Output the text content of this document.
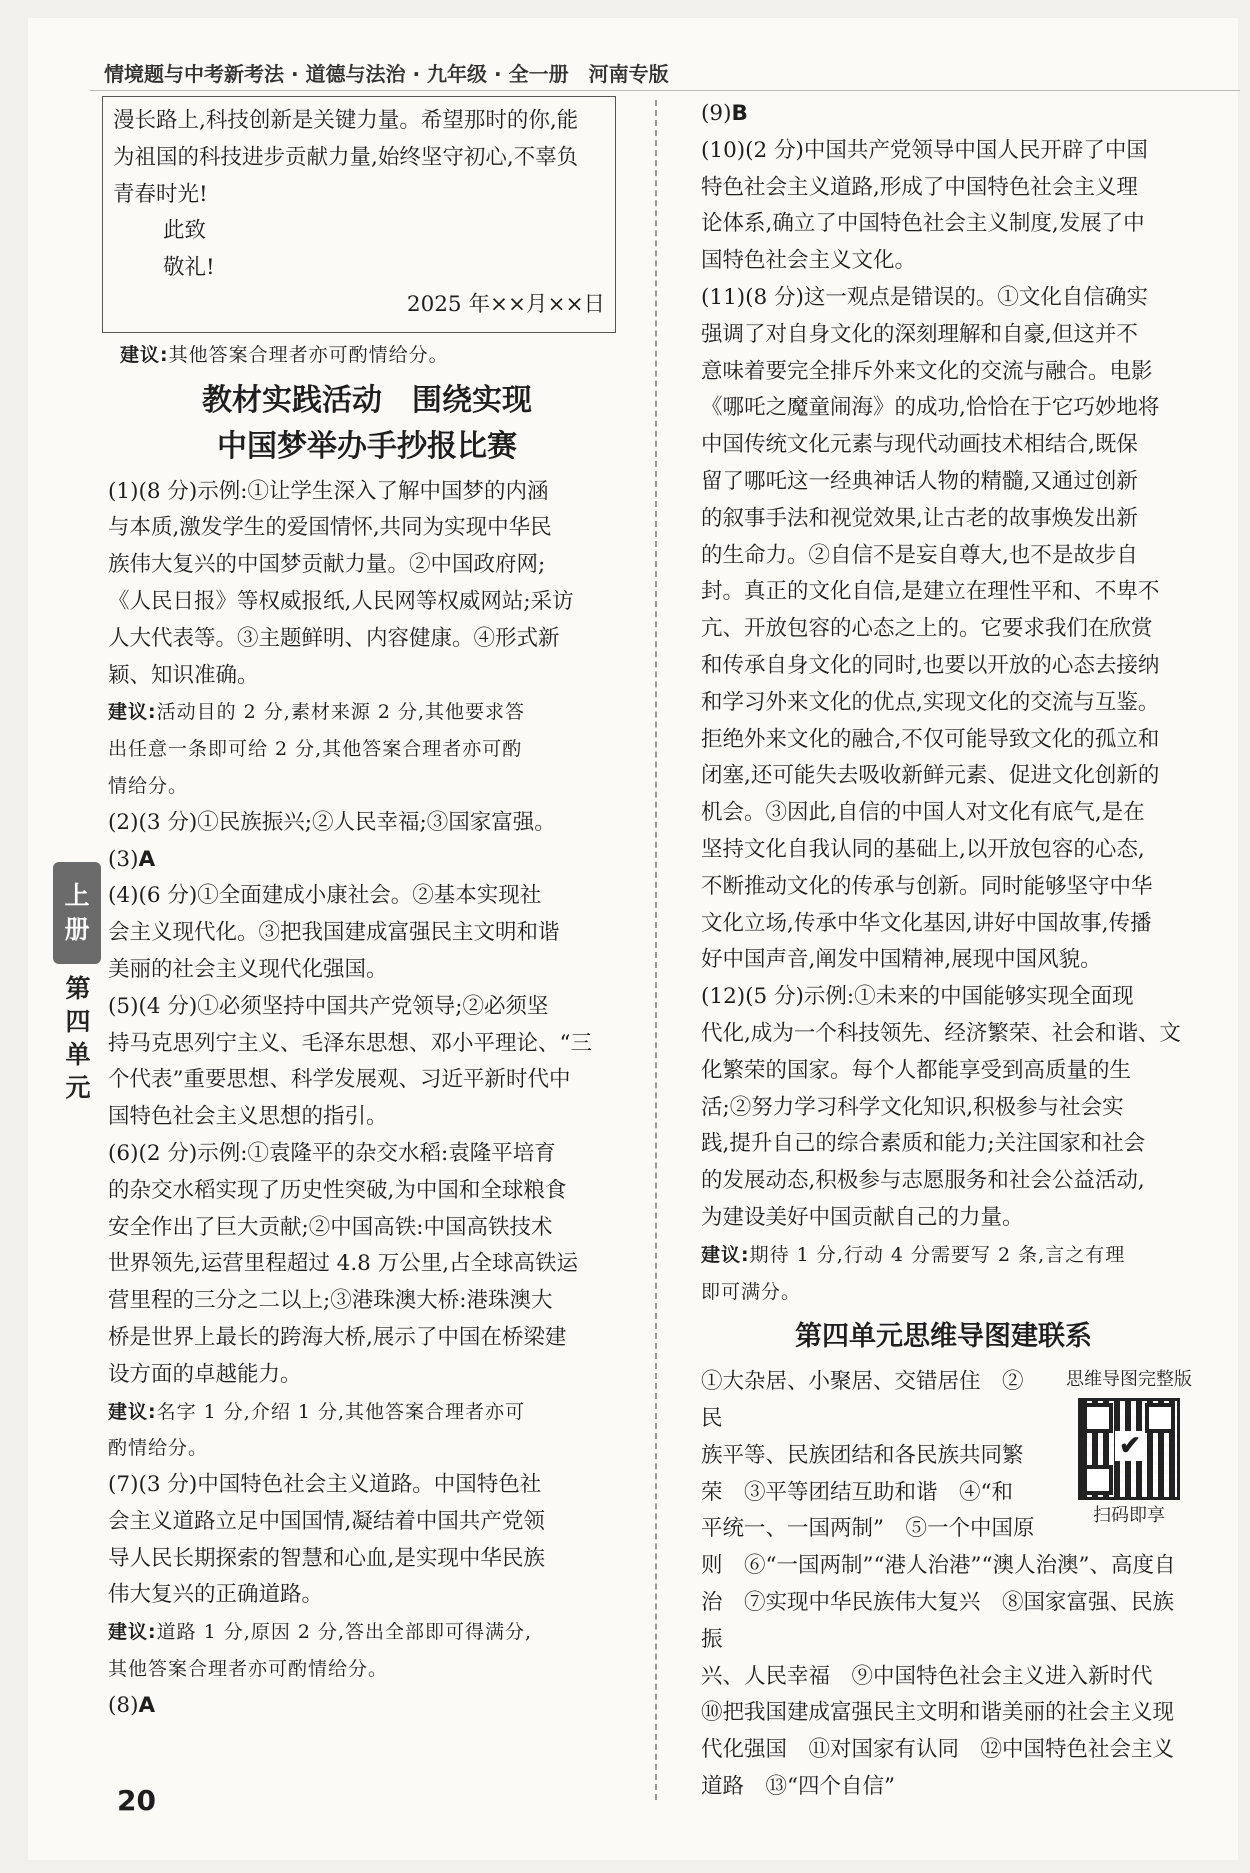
情境题与中考新考法 · 道德与法治 · 九年级 · 全一册　河南专版
上
册
第
四
单
元

漫长路上,科技创新是关键力量。希望那时的你,能

为祖国的科技进步贡献力量,始终坚守初心,不辜负

青春时光!

此致

敬礼!

2025 年××月××日

建议:其他答案合理者亦可酌情给分。

教材实践活动　围绕实现
中国梦举办手抄报比赛

(1)(8 分)示例:①让学生深入了解中国梦的内涵

与本质,激发学生的爱国情怀,共同为实现中华民

族伟大复兴的中国梦贡献力量。②中国政府网;

《人民日报》等权威报纸,人民网等权威网站;采访

人大代表等。③主题鲜明、内容健康。④形式新

颖、知识准确。

建议:活动目的 2 分,素材来源 2 分,其他要求答

出任意一条即可给 2 分,其他答案合理者亦可酌

情给分。

(2)(3 分)①民族振兴;②人民幸福;③国家富强。

(3)A

(4)(6 分)①全面建成小康社会。②基本实现社

会主义现代化。③把我国建成富强民主文明和谐

美丽的社会主义现代化强国。

(5)(4 分)①必须坚持中国共产党领导;②必须坚

持马克思列宁主义、毛泽东思想、邓小平理论、“三

个代表”重要思想、科学发展观、习近平新时代中

国特色社会主义思想的指引。

(6)(2 分)示例:①袁隆平的杂交水稻:袁隆平培育

的杂交水稻实现了历史性突破,为中国和全球粮食

安全作出了巨大贡献;②中国高铁:中国高铁技术

世界领先,运营里程超过 4.8 万公里,占全球高铁运

营里程的三分之二以上;③港珠澳大桥:港珠澳大

桥是世界上最长的跨海大桥,展示了中国在桥梁建

设方面的卓越能力。

建议:名字 1 分,介绍 1 分,其他答案合理者亦可

酌情给分。

(7)(3 分)中国特色社会主义道路。中国特色社

会主义道路立足中国国情,凝结着中国共产党领

导人民长期探索的智慧和心血,是实现中华民族

伟大复兴的正确道路。

建议:道路 1 分,原因 2 分,答出全部即可得满分,

其他答案合理者亦可酌情给分。

(8)A

(9)B

(10)(2 分)中国共产党领导中国人民开辟了中国

特色社会主义道路,形成了中国特色社会主义理

论体系,确立了中国特色社会主义制度,发展了中

国特色社会主义文化。

(11)(8 分)这一观点是错误的。①文化自信确实

强调了对自身文化的深刻理解和自豪,但这并不

意味着要完全排斥外来文化的交流与融合。电影

《哪吒之魔童闹海》的成功,恰恰在于它巧妙地将

中国传统文化元素与现代动画技术相结合,既保

留了哪吒这一经典神话人物的精髓,又通过创新

的叙事手法和视觉效果,让古老的故事焕发出新

的生命力。②自信不是妄自尊大,也不是故步自

封。真正的文化自信,是建立在理性平和、不卑不

亢、开放包容的心态之上的。它要求我们在欣赏

和传承自身文化的同时,也要以开放的心态去接纳

和学习外来文化的优点,实现文化的交流与互鉴。

拒绝外来文化的融合,不仅可能导致文化的孤立和

闭塞,还可能失去吸收新鲜元素、促进文化创新的

机会。③因此,自信的中国人对文化有底气,是在

坚持文化自我认同的基础上,以开放包容的心态,

不断推动文化的传承与创新。同时能够坚守中华

文化立场,传承中华文化基因,讲好中国故事,传播

好中国声音,阐发中国精神,展现中国风貌。

(12)(5 分)示例:①未来的中国能够实现全面现

代化,成为一个科技领先、经济繁荣、社会和谐、文

化繁荣的国家。每个人都能享受到高质量的生

活;②努力学习科学文化知识,积极参与社会实

践,提升自己的综合素质和能力;关注国家和社会

的发展动态,积极参与志愿服务和社会公益活动,

为建设美好中国贡献自己的力量。

建议:期待 1 分,行动 4 分需要写 2 条,言之有理

即可满分。

第四单元思维导图建联系
思维导图完整版
✔
扫码即享

①大杂居、小聚居、交错居住　②民

族平等、民族团结和各民族共同繁

荣　③平等团结互助和谐　④“和

平统一、一国两制”　⑤一个中国原

则　⑥“一国两制”“港人治港”“澳人治澳”、高度自

治　⑦实现中华民族伟大复兴　⑧国家富强、民族振

兴、人民幸福　⑨中国特色社会主义进入新时代

⑩把我国建成富强民主文明和谐美丽的社会主义现

代化强国　⑪对国家有认同　⑫中国特色社会主义

道路　⑬“四个自信”

20
